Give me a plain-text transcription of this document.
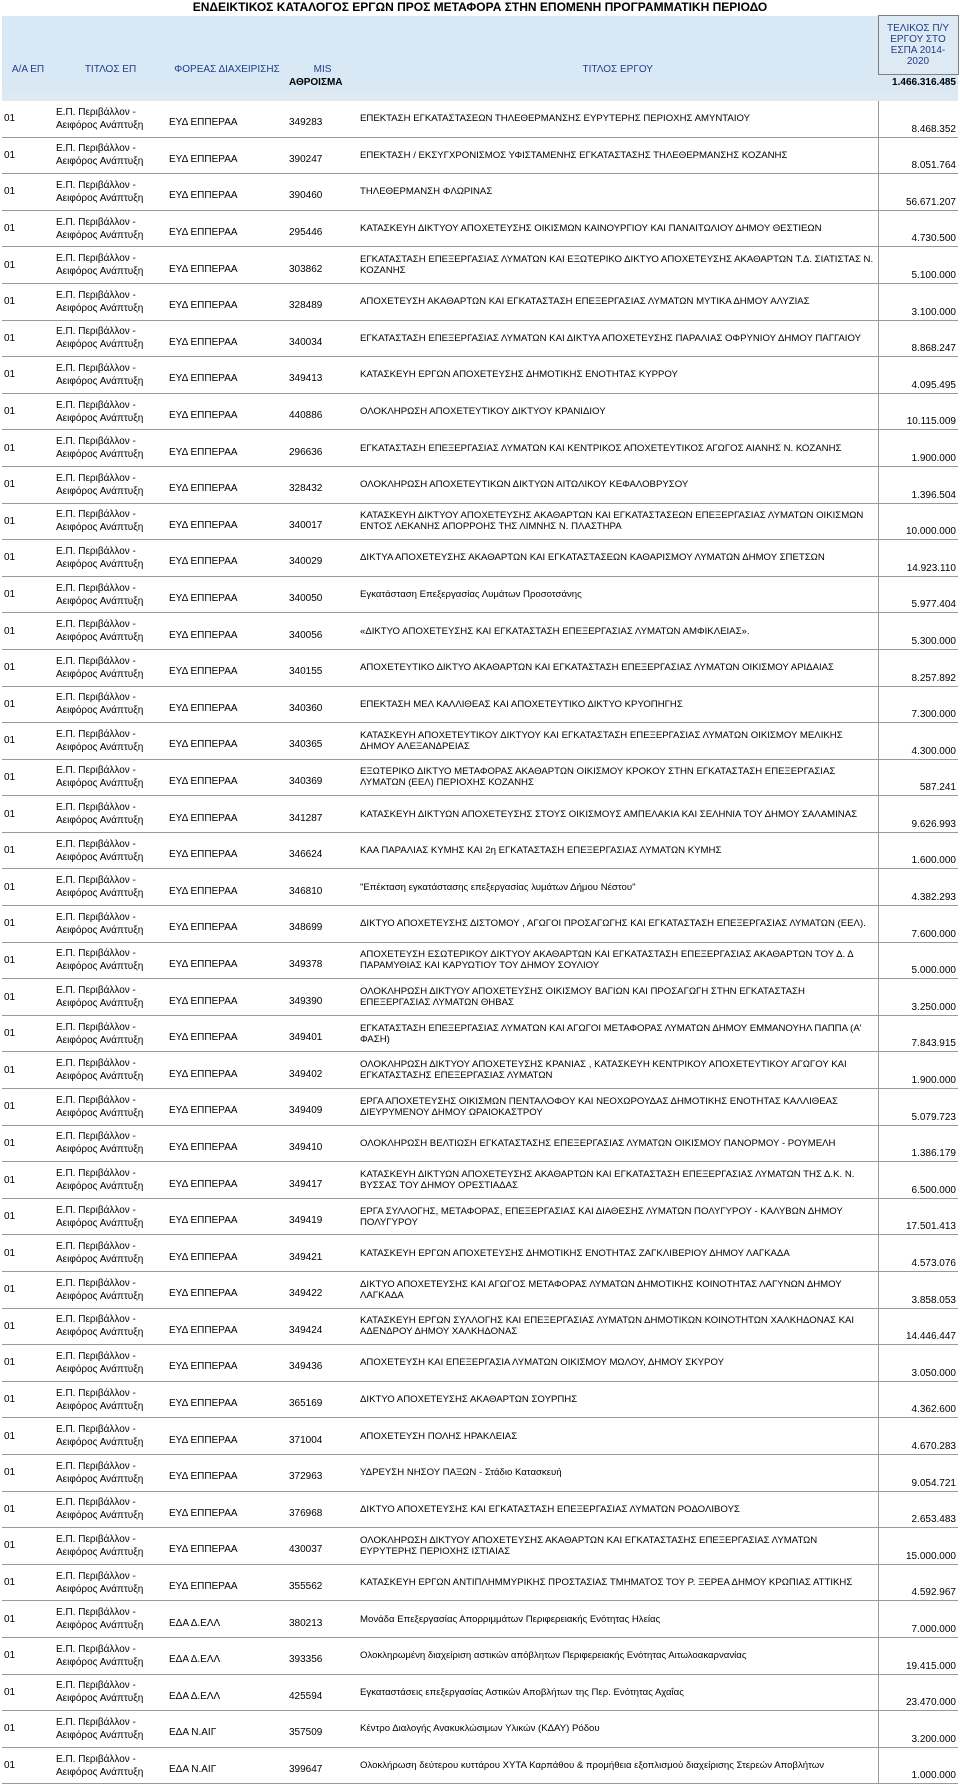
ΕΝΔΕΙΚΤΙΚΟΣ ΚΑΤΑΛΟΓΟΣ ΕΡΓΩΝ ΠΡΟΣ ΜΕΤΑΦΟΡΑ ΣΤΗΝ ΕΠΟΜΕΝΗ ΠΡΟΓΡΑΜΜΑΤΙΚΗ ΠΕΡΙΟΔΟ
Α/Α ΕΠ	ΤΙΤΛΟΣ ΕΠ	ΦΟΡΕΑΣ ΔΙΑΧΕΙΡΙΣΗΣ	MIS	ΤΙΤΛΟΣ ΕΡΓΟΥ	ΤΕΛΙΚΟΣ Π/Υ ΕΡΓΟΥ ΣΤΟ ΕΣΠΑ 2014-2020
			ΑΘΡΟΙΣΜΑ		1.466.316.485

01	Ε.Π. Περιβάλλον - Αειφόρος Ανάπτυξη	ΕΥΔ ΕΠΠΕΡΑΑ	349283	ΕΠΕΚΤΑΣΗ ΕΓΚΑΤΑΣΤΑΣΕΩΝ ΤΗΛΕΘΕΡΜΑΝΣΗΣ ΕΥΡΥΤΕΡΗΣ ΠΕΡΙΟΧΗΣ ΑΜΥΝΤΑΙΟΥ	8.468.352
01	Ε.Π. Περιβάλλον - Αειφόρος Ανάπτυξη	ΕΥΔ ΕΠΠΕΡΑΑ	390247	ΕΠΕΚΤΑΣΗ / ΕΚΣΥΓΧΡΟΝΙΣΜΟΣ ΥΦΙΣΤΑΜΕΝΗΣ ΕΓΚΑΤΑΣΤΑΣΗΣ ΤΗΛΕΘΕΡΜΑΝΣΗΣ ΚΟΖΑΝΗΣ	8.051.764
01	Ε.Π. Περιβάλλον - Αειφόρος Ανάπτυξη	ΕΥΔ ΕΠΠΕΡΑΑ	390460	ΤΗΛΕΘΕΡΜΑΝΣΗ ΦΛΩΡΙΝΑΣ	56.671.207
01	Ε.Π. Περιβάλλον - Αειφόρος Ανάπτυξη	ΕΥΔ ΕΠΠΕΡΑΑ	295446	ΚΑΤΑΣΚΕΥΗ ΔΙΚΤΥΟΥ ΑΠΟΧΕΤΕΥΣΗΣ ΟΙΚΙΣΜΩΝ ΚΑΙΝΟΥΡΓΙΟΥ ΚΑΙ ΠΑΝΑΙΤΩΛΙΟΥ ΔΗΜΟΥ ΘΕΣΤΙΕΩΝ	4.730.500
01	Ε.Π. Περιβάλλον - Αειφόρος Ανάπτυξη	ΕΥΔ ΕΠΠΕΡΑΑ	303862	ΕΓΚΑΤΑΣΤΑΣΗ ΕΠΕΞΕΡΓΑΣΙΑΣ ΛΥΜΑΤΩΝ ΚΑΙ ΕΞΩΤΕΡΙΚΟ ΔΙΚΤΥΟ ΑΠΟΧΕΤΕΥΣΗΣ ΑΚΑΘΑΡΤΩΝ Τ.Δ. ΣΙΑΤΙΣΤΑΣ Ν. ΚΟΖΑΝΗΣ	5.100.000
01	Ε.Π. Περιβάλλον - Αειφόρος Ανάπτυξη	ΕΥΔ ΕΠΠΕΡΑΑ	328489	ΑΠΟΧΕΤΕΥΣΗ ΑΚΑΘΑΡΤΩΝ ΚΑΙ ΕΓΚΑΤΑΣΤΑΣΗ ΕΠΕΞΕΡΓΑΣΙΑΣ ΛΥΜΑΤΩΝ ΜΥΤΙΚΑ ΔΗΜΟΥ ΑΛΥΖΙΑΣ	3.100.000
01	Ε.Π. Περιβάλλον - Αειφόρος Ανάπτυξη	ΕΥΔ ΕΠΠΕΡΑΑ	340034	ΕΓΚΑΤΑΣΤΑΣΗ ΕΠΕΞΕΡΓΑΣΙΑΣ ΛΥΜΑΤΩΝ ΚΑΙ ΔΙΚΤΥΑ ΑΠΟΧΕΤΕΥΣΗΣ ΠΑΡΑΛΙΑΣ ΟΦΡΥΝΙΟΥ ΔΗΜΟΥ ΠΑΓΓΑΙΟΥ	8.868.247
01	Ε.Π. Περιβάλλον - Αειφόρος Ανάπτυξη	ΕΥΔ ΕΠΠΕΡΑΑ	349413	ΚΑΤΑΣΚΕΥΗ ΕΡΓΩΝ ΑΠΟΧΕΤΕΥΣΗΣ ΔΗΜΟΤΙΚΗΣ ΕΝΟΤΗΤΑΣ ΚΥΡΡΟΥ	4.095.495
01	Ε.Π. Περιβάλλον - Αειφόρος Ανάπτυξη	ΕΥΔ ΕΠΠΕΡΑΑ	440886	ΟΛΟΚΛΗΡΩΣΗ ΑΠΟΧΕΤΕΥΤΙΚΟΥ ΔΙΚΤΥΟΥ ΚΡΑΝΙΔΙΟΥ	10.115.009
01	Ε.Π. Περιβάλλον - Αειφόρος Ανάπτυξη	ΕΥΔ ΕΠΠΕΡΑΑ	296636	ΕΓΚΑΤΑΣΤΑΣΗ ΕΠΕΞΕΡΓΑΣΙΑΣ ΛΥΜΑΤΩΝ ΚΑΙ ΚΕΝΤΡΙΚΟΣ ΑΠΟΧΕΤΕΥΤΙΚΟΣ ΑΓΩΓΟΣ ΑΙΑΝΗΣ Ν. ΚΟΖΑΝΗΣ	1.900.000
01	Ε.Π. Περιβάλλον - Αειφόρος Ανάπτυξη	ΕΥΔ ΕΠΠΕΡΑΑ	328432	ΟΛΟΚΛΗΡΩΣΗ ΑΠΟΧΕΤΕΥΤΙΚΩΝ ΔΙΚΤΥΩΝ ΑΙΤΩΛΙΚΟΥ ΚΕΦΑΛΟΒΡΥΣΟΥ	1.396.504
01	Ε.Π. Περιβάλλον - Αειφόρος Ανάπτυξη	ΕΥΔ ΕΠΠΕΡΑΑ	340017	ΚΑΤΑΣΚΕΥΗ ΔΙΚΤΥΟΥ ΑΠΟΧΕΤΕΥΣΗΣ ΑΚΑΘΑΡΤΩΝ ΚΑΙ ΕΓΚΑΤΑΣΤΑΣΕΩΝ ΕΠΕΞΕΡΓΑΣΙΑΣ ΛΥΜΑΤΩΝ ΟΙΚΙΣΜΩΝ ΕΝΤΟΣ ΛΕΚΑΝΗΣ ΑΠΟΡΡΟΗΣ ΤΗΣ ΛΙΜΝΗΣ Ν. ΠΛΑΣΤΗΡΑ	10.000.000
01	Ε.Π. Περιβάλλον - Αειφόρος Ανάπτυξη	ΕΥΔ ΕΠΠΕΡΑΑ	340029	ΔΙΚΤΥΑ ΑΠΟΧΕΤΕΥΣΗΣ ΑΚΑΘΑΡΤΩΝ ΚΑΙ ΕΓΚΑΤΑΣΤΑΣΕΩΝ ΚΑΘΑΡΙΣΜΟΥ ΛΥΜΑΤΩΝ ΔΗΜΟΥ ΣΠΕΤΣΩΝ	14.923.110
01	Ε.Π. Περιβάλλον - Αειφόρος Ανάπτυξη	ΕΥΔ ΕΠΠΕΡΑΑ	340050	Εγκατάσταση Επεξεργασίας Λυμάτων Προσοτσάνης	5.977.404
01	Ε.Π. Περιβάλλον - Αειφόρος Ανάπτυξη	ΕΥΔ ΕΠΠΕΡΑΑ	340056	«ΔΙΚΤΥΟ ΑΠΟΧΕΤΕΥΣΗΣ ΚΑΙ ΕΓΚΑΤΑΣΤΑΣΗ ΕΠΕΞΕΡΓΑΣΙΑΣ ΛΥΜΑΤΩΝ ΑΜΦΙΚΛΕΙΑΣ».	5.300.000
01	Ε.Π. Περιβάλλον - Αειφόρος Ανάπτυξη	ΕΥΔ ΕΠΠΕΡΑΑ	340155	ΑΠΟΧΕΤΕΥΤΙΚΟ ΔΙΚΤΥΟ ΑΚΑΘΑΡΤΩΝ ΚΑΙ ΕΓΚΑΤΑΣΤΑΣΗ ΕΠΕΞΕΡΓΑΣΙΑΣ ΛΥΜΑΤΩΝ ΟΙΚΙΣΜΟΥ ΑΡΙΔΑΙΑΣ	8.257.892
01	Ε.Π. Περιβάλλον - Αειφόρος Ανάπτυξη	ΕΥΔ ΕΠΠΕΡΑΑ	340360	ΕΠΕΚΤΑΣΗ ΜΕΛ ΚΑΛΛΙΘΕΑΣ ΚΑΙ ΑΠΟΧΕΤΕΥΤΙΚΟ ΔΙΚΤΥΟ ΚΡΥΟΠΗΓΗΣ	7.300.000
01	Ε.Π. Περιβάλλον - Αειφόρος Ανάπτυξη	ΕΥΔ ΕΠΠΕΡΑΑ	340365	ΚΑΤΑΣΚΕΥΗ ΑΠΟΧΕΤΕΥΤΙΚΟΥ ΔΙΚΤΥΟΥ ΚΑΙ ΕΓΚΑΤΑΣΤΑΣΗ ΕΠΕΞΕΡΓΑΣΙΑΣ ΛΥΜΑΤΩΝ ΟΙΚΙΣΜΟΥ ΜΕΛΙΚΗΣ ΔΗΜΟΥ ΑΛΕΞΑΝΔΡΕΙΑΣ	4.300.000
01	Ε.Π. Περιβάλλον - Αειφόρος Ανάπτυξη	ΕΥΔ ΕΠΠΕΡΑΑ	340369	ΕΞΩΤΕΡΙΚΟ ΔΙΚΤΥΟ ΜΕΤΑΦΟΡΑΣ ΑΚΑΘΑΡΤΩΝ ΟΙΚΙΣΜΟΥ ΚΡΟΚΟΥ ΣΤΗΝ ΕΓΚΑΤΑΣΤΑΣΗ ΕΠΕΞΕΡΓΑΣΙΑΣ ΛΥΜΑΤΩΝ (ΕΕΛ) ΠΕΡΙΟΧΗΣ ΚΟΖΑΝΗΣ	587.241
01	Ε.Π. Περιβάλλον - Αειφόρος Ανάπτυξη	ΕΥΔ ΕΠΠΕΡΑΑ	341287	ΚΑΤΑΣΚΕΥΗ ΔΙΚΤΥΩΝ ΑΠΟΧΕΤΕΥΣΗΣ ΣΤΟΥΣ ΟΙΚΙΣΜΟΥΣ ΑΜΠΕΛΑΚΙΑ ΚΑΙ ΣΕΛΗΝΙΑ ΤΟΥ ΔΗΜΟΥ ΣΑΛΑΜΙΝΑΣ	9.626.993
01	Ε.Π. Περιβάλλον - Αειφόρος Ανάπτυξη	ΕΥΔ ΕΠΠΕΡΑΑ	346624	ΚΑΑ ΠΑΡΑΛΙΑΣ ΚΥΜΗΣ ΚΑΙ 2η ΕΓΚΑΤΑΣΤΑΣΗ ΕΠΕΞΕΡΓΑΣΙΑΣ ΛΥΜΑΤΩΝ ΚΥΜΗΣ	1.600.000
01	Ε.Π. Περιβάλλον - Αειφόρος Ανάπτυξη	ΕΥΔ ΕΠΠΕΡΑΑ	346810	"Επέκταση εγκατάστασης επεξεργασίας λυμάτων Δήμου Νέστου"	4.382.293
01	Ε.Π. Περιβάλλον - Αειφόρος Ανάπτυξη	ΕΥΔ ΕΠΠΕΡΑΑ	348699	ΔΙΚΤΥΟ ΑΠΟΧΕΤΕΥΣΗΣ ΔΙΣΤΟΜΟΥ , ΑΓΩΓΟΙ ΠΡΟΣΑΓΩΓΗΣ ΚΑΙ ΕΓΚΑΤΑΣΤΑΣΗ ΕΠΕΞΕΡΓΑΣΙΑΣ ΛΥΜΑΤΩΝ (ΕΕΛ).	7.600.000
01	Ε.Π. Περιβάλλον - Αειφόρος Ανάπτυξη	ΕΥΔ ΕΠΠΕΡΑΑ	349378	ΑΠΟΧΕΤΕΥΣΗ ΕΣΩΤΕΡΙΚΟΥ ΔΙΚΤΥΟΥ ΑΚΑΘΑΡΤΩΝ ΚΑΙ ΕΓΚΑΤΑΣΤΑΣΗ ΕΠΕΞΕΡΓΑΣΙΑΣ ΑΚΑΘΑΡΤΩΝ ΤΟΥ Δ. Δ ΠΑΡΑΜΥΘΙΑΣ ΚΑΙ ΚΑΡΥΩΤΙΟΥ ΤΟΥ ΔΗΜΟΥ ΣΟΥΛΙΟΥ	5.000.000
01	Ε.Π. Περιβάλλον - Αειφόρος Ανάπτυξη	ΕΥΔ ΕΠΠΕΡΑΑ	349390	ΟΛΟΚΛΗΡΩΣΗ ΔΙΚΤΥΟΥ ΑΠΟΧΕΤΕΥΣΗΣ ΟΙΚΙΣΜΟΥ ΒΑΓΙΩΝ ΚΑΙ ΠΡΟΣΑΓΩΓΗ ΣΤΗΝ ΕΓΚΑΤΑΣΤΑΣΗ ΕΠΕΞΕΡΓΑΣΙΑΣ ΛΥΜΑΤΩΝ ΘΗΒΑΣ	3.250.000
01	Ε.Π. Περιβάλλον - Αειφόρος Ανάπτυξη	ΕΥΔ ΕΠΠΕΡΑΑ	349401	ΕΓΚΑΤΑΣΤΑΣΗ ΕΠΕΞΕΡΓΑΣΙΑΣ ΛΥΜΑΤΩΝ ΚΑΙ ΑΓΩΓΟΙ ΜΕΤΑΦΟΡΑΣ ΛΥΜΑΤΩΝ ΔΗΜΟΥ ΕΜΜΑΝΟΥΗΛ ΠΑΠΠΑ (Α' ΦΑΣΗ)	7.843.915
01	Ε.Π. Περιβάλλον - Αειφόρος Ανάπτυξη	ΕΥΔ ΕΠΠΕΡΑΑ	349402	ΟΛΟΚΛΗΡΩΣΗ ΔΙΚΤΥΟΥ ΑΠΟΧΕΤΕΥΣΗΣ ΚΡΑΝΙΑΣ , ΚΑΤΑΣΚΕΥΗ ΚΕΝΤΡΙΚΟΥ ΑΠΟΧΕΤΕΥΤΙΚΟΥ ΑΓΩΓΟΥ ΚΑΙ ΕΓΚΑΤΑΣΤΑΣΗΣ ΕΠΕΞΕΡΓΑΣΙΑΣ ΛΥΜΑΤΩΝ	1.900.000
01	Ε.Π. Περιβάλλον - Αειφόρος Ανάπτυξη	ΕΥΔ ΕΠΠΕΡΑΑ	349409	ΕΡΓΑ ΑΠΟΧΕΤΕΥΣΗΣ ΟΙΚΙΣΜΩΝ ΠΕΝΤΑΛΟΦΟΥ ΚΑΙ ΝΕΟΧΩΡΟΥΔΑΣ ΔΗΜΟΤΙΚΗΣ ΕΝΟΤΗΤΑΣ ΚΑΛΛΙΘΕΑΣ ΔΙΕΥΡΥΜΕΝΟΥ ΔΗΜΟΥ ΩΡΑΙΟΚΑΣΤΡΟΥ	5.079.723
01	Ε.Π. Περιβάλλον - Αειφόρος Ανάπτυξη	ΕΥΔ ΕΠΠΕΡΑΑ	349410	ΟΛΟΚΛΗΡΩΣΗ ΒΕΛΤΙΩΣΗ ΕΓΚΑΤΑΣΤΑΣΗΣ ΕΠΕΞΕΡΓΑΣΙΑΣ ΛΥΜΑΤΩΝ ΟΙΚΙΣΜΟΥ ΠΑΝΟΡΜΟΥ - ΡΟΥΜΕΛΗ	1.386.179
01	Ε.Π. Περιβάλλον - Αειφόρος Ανάπτυξη	ΕΥΔ ΕΠΠΕΡΑΑ	349417	ΚΑΤΑΣΚΕΥΗ ΔΙΚΤΥΩΝ ΑΠΟΧΕΤΕΥΣΗΣ ΑΚΑΘΑΡΤΩΝ ΚΑΙ ΕΓΚΑΤΑΣΤΑΣΗ ΕΠΕΞΕΡΓΑΣΙΑΣ ΛΥΜΑΤΩΝ ΤΗΣ Δ.Κ. Ν. ΒΥΣΣΑΣ ΤΟΥ ΔΗΜΟΥ ΟΡΕΣΤΙΑΔΑΣ	6.500.000
01	Ε.Π. Περιβάλλον - Αειφόρος Ανάπτυξη	ΕΥΔ ΕΠΠΕΡΑΑ	349419	ΕΡΓΑ ΣΥΛΛΟΓΗΣ, ΜΕΤΑΦΟΡΑΣ, ΕΠΕΞΕΡΓΑΣΙΑΣ ΚΑΙ ΔΙΑΘΕΣΗΣ ΛΥΜΑΤΩΝ ΠΟΛΥΓΥΡΟΥ - ΚΑΛΥΒΩΝ ΔΗΜΟΥ ΠΟΛΥΓΥΡΟΥ	17.501.413
01	Ε.Π. Περιβάλλον - Αειφόρος Ανάπτυξη	ΕΥΔ ΕΠΠΕΡΑΑ	349421	ΚΑΤΑΣΚΕΥΗ ΕΡΓΩΝ ΑΠΟΧΕΤΕΥΣΗΣ ΔΗΜΟΤΙΚΗΣ ΕΝΟΤΗΤΑΣ ΖΑΓΚΛΙΒΕΡΙΟΥ ΔΗΜΟΥ ΛΑΓΚΑΔΑ	4.573.076
01	Ε.Π. Περιβάλλον - Αειφόρος Ανάπτυξη	ΕΥΔ ΕΠΠΕΡΑΑ	349422	ΔΙΚΤΥΟ ΑΠΟΧΕΤΕΥΣΗΣ ΚΑΙ ΑΓΩΓΟΣ ΜΕΤΑΦΟΡΑΣ ΛΥΜΑΤΩΝ ΔΗΜΟΤΙΚΗΣ ΚΟΙΝΟΤΗΤΑΣ ΛΑΓΥΝΩΝ ΔΗΜΟΥ ΛΑΓΚΑΔΑ	3.858.053
01	Ε.Π. Περιβάλλον - Αειφόρος Ανάπτυξη	ΕΥΔ ΕΠΠΕΡΑΑ	349424	ΚΑΤΑΣΚΕΥΗ ΕΡΓΩΝ ΣΥΛΛΟΓΗΣ ΚΑΙ ΕΠΕΞΕΡΓΑΣΙΑΣ ΛΥΜΑΤΩΝ ΔΗΜΟΤΙΚΩΝ ΚΟΙΝΟΤΗΤΩΝ ΧΑΛΚΗΔΟΝΑΣ ΚΑΙ ΑΔΕΝΔΡΟΥ ΔΗΜΟΥ ΧΑΛΚΗΔΟΝΑΣ	14.446.447
01	Ε.Π. Περιβάλλον - Αειφόρος Ανάπτυξη	ΕΥΔ ΕΠΠΕΡΑΑ	349436	ΑΠΟΧΕΤΕΥΣΗ ΚΑΙ ΕΠΕΞΕΡΓΑΣΙΑ ΛΥΜΑΤΩΝ ΟΙΚΙΣΜΟΥ ΜΩΛΟΥ, ΔΗΜΟΥ ΣΚΥΡΟΥ	3.050.000
01	Ε.Π. Περιβάλλον - Αειφόρος Ανάπτυξη	ΕΥΔ ΕΠΠΕΡΑΑ	365169	ΔΙΚΤΥΟ ΑΠΟΧΕΤΕΥΣΗΣ ΑΚΑΘΑΡΤΩΝ ΣΟΥΡΠΗΣ	4.362.600
01	Ε.Π. Περιβάλλον - Αειφόρος Ανάπτυξη	ΕΥΔ ΕΠΠΕΡΑΑ	371004	ΑΠΟΧΕΤΕΥΣΗ ΠΟΛΗΣ ΗΡΑΚΛΕΙΑΣ	4.670.283
01	Ε.Π. Περιβάλλον - Αειφόρος Ανάπτυξη	ΕΥΔ ΕΠΠΕΡΑΑ	372963	ΥΔΡΕΥΣΗ ΝΗΣΟΥ ΠΑΞΩΝ - Στάδιο Κατασκευή	9.054.721
01	Ε.Π. Περιβάλλον - Αειφόρος Ανάπτυξη	ΕΥΔ ΕΠΠΕΡΑΑ	376968	ΔΙΚΤΥΟ ΑΠΟΧΕΤΕΥΣΗΣ ΚΑΙ ΕΓΚΑΤΑΣΤΑΣΗ ΕΠΕΞΕΡΓΑΣΙΑΣ ΛΥΜΑΤΩΝ ΡΟΔΟΛΙΒΟΥΣ	2.653.483
01	Ε.Π. Περιβάλλον - Αειφόρος Ανάπτυξη	ΕΥΔ ΕΠΠΕΡΑΑ	430037	ΟΛΟΚΛΗΡΩΣΗ ΔΙΚΤΥΟΥ ΑΠΟΧΕΤΕΥΣΗΣ ΑΚΑΘΑΡΤΩΝ ΚΑΙ ΕΓΚΑΤΑΣΤΑΣΗΣ ΕΠΕΞΕΡΓΑΣΙΑΣ ΛΥΜΑΤΩΝ ΕΥΡΥΤΕΡΗΣ ΠΕΡΙΟΧΗΣ ΙΣΤΙΑΙΑΣ	15.000.000
01	Ε.Π. Περιβάλλον - Αειφόρος Ανάπτυξη	ΕΥΔ ΕΠΠΕΡΑΑ	355562	ΚΑΤΑΣΚΕΥΗ ΕΡΓΩΝ ΑΝΤΙΠΛΗΜΜΥΡΙΚΗΣ ΠΡΟΣΤΑΣΙΑΣ ΤΜΗΜΑΤΟΣ ΤΟΥ Ρ. ΞΕΡΕΑ ΔΗΜΟΥ ΚΡΩΠΙΑΣ ΑΤΤΙΚΗΣ	4.592.967
01	Ε.Π. Περιβάλλον - Αειφόρος Ανάπτυξη	ΕΔΑ Δ.ΕΛΛ	380213	Μονάδα Επεξεργασίας Απορριμμάτων Περιφερειακής Ενότητας Ηλείας	7.000.000
01	Ε.Π. Περιβάλλον - Αειφόρος Ανάπτυξη	ΕΔΑ Δ.ΕΛΛ	393356	Ολοκληρωμένη διαχείριση αστικών απόβλητων Περιφερειακής Ενότητας Αιτωλοακαρνανίας	19.415.000
01	Ε.Π. Περιβάλλον - Αειφόρος Ανάπτυξη	ΕΔΑ Δ.ΕΛΛ	425594	Εγκαταστάσεις επεξεργασίας Αστικών Αποβλήτων της Περ. Ενότητας Αχαΐας	23.470.000
01	Ε.Π. Περιβάλλον - Αειφόρος Ανάπτυξη	ΕΔΑ Ν.ΑΙΓ	357509	Κέντρο Διαλογής Ανακυκλώσιμων Υλικών (ΚΔΑΥ) Ρόδου	3.200.000
01	Ε.Π. Περιβάλλον - Αειφόρος Ανάπτυξη	ΕΔΑ Ν.ΑΙΓ	399647	Ολοκλήρωση δεύτερου κυττάρου ΧΥΤΑ Καρπάθου & προμήθεια εξοπλισμού διαχείρισης Στερεών Αποβλήτων	1.000.000
